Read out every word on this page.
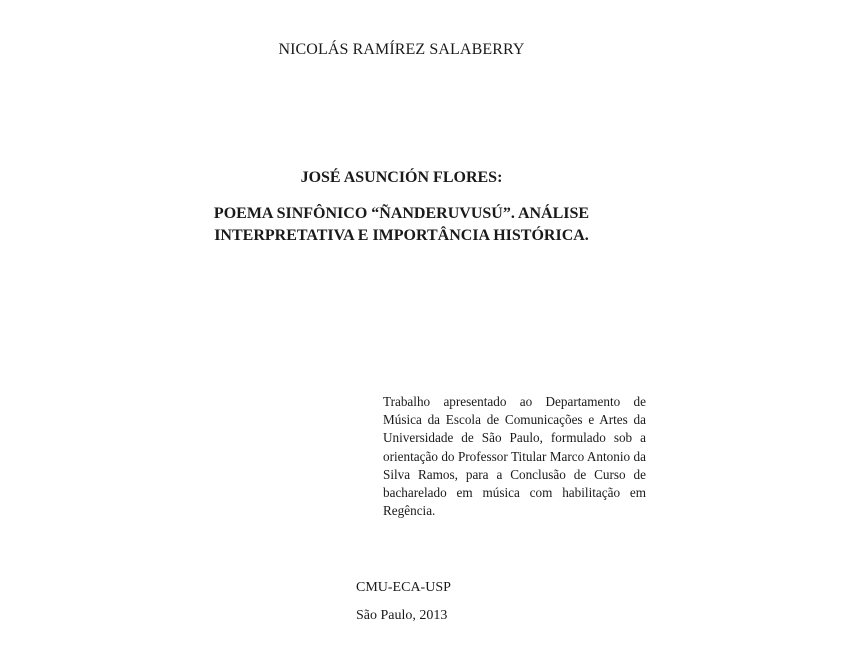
NICOLÁS RAMÍREZ SALABERRY
JOSÉ ASUNCIÓN FLORES:
POEMA SINFÔNICO “ÑANDERUVUSÚ”. ANÁLISE
INTERPRETATIVA E IMPORTÂNCIA HISTÓRICA.
Trabalho apresentado ao Departamento de Música da Escola de Comunicações e Artes da Universidade de São Paulo, formulado sob a orientação do Professor Titular Marco Antonio da Silva Ramos, para a Conclusão de Curso de bacharelado em música com habilitação em Regência.
CMU-ECA-USP
São Paulo, 2013
